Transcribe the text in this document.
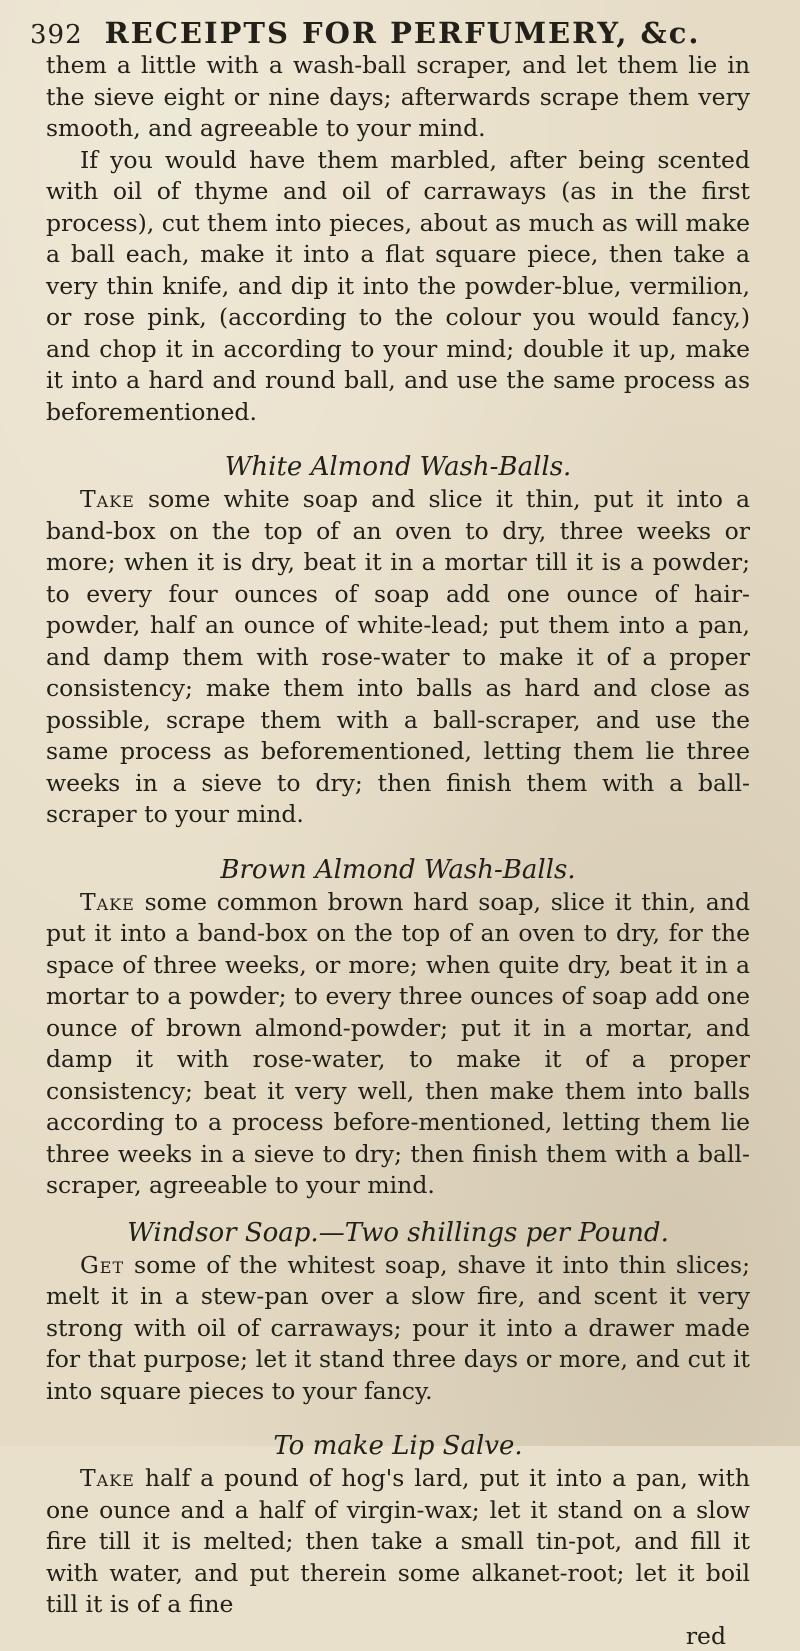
392 RECEIPTS FOR PERFUMERY, &c.

them a little with a wash-ball scraper, and let them lie in the sieve eight or nine days; afterwards scrape them very smooth, and agreeable to your mind.

If you would have them marbled, after being scented with oil of thyme and oil of carraways (as in the first process), cut them into pieces, about as much as will make a ball each, make it into a flat square piece, then take a very thin knife, and dip it into the powder-blue, vermilion, or rose pink, (according to the colour you would fancy,) and chop it in according to your mind; double it up, make it into a hard and round ball, and use the same process as beforementioned.

White Almond Wash-Balls.

Take some white soap and slice it thin, put it into a band-box on the top of an oven to dry, three weeks or more; when it is dry, beat it in a mortar till it is a powder; to every four ounces of soap add one ounce of hair-powder, half an ounce of white-lead; put them into a pan, and damp them with rose-water to make it of a proper consistency; make them into balls as hard and close as possible, scrape them with a ball-scraper, and use the same process as beforementioned, letting them lie three weeks in a sieve to dry; then finish them with a ball-scraper to your mind.

Brown Almond Wash-Balls.

Take some common brown hard soap, slice it thin, and put it into a band-box on the top of an oven to dry, for the space of three weeks, or more; when quite dry, beat it in a mortar to a powder; to every three ounces of soap add one ounce of brown almond-powder; put it in a mortar, and damp it with rose-water, to make it of a proper consistency; beat it very well, then make them into balls according to a process before-mentioned, letting them lie three weeks in a sieve to dry; then finish them with a ball-scraper, agreeable to your mind.

Windsor Soap.—Two shillings per Pound.

Get some of the whitest soap, shave it into thin slices; melt it in a stew-pan over a slow fire, and scent it very strong with oil of carraways; pour it into a drawer made for that purpose; let it stand three days or more, and cut it into square pieces to your fancy.

To make Lip Salve.

Take half a pound of hog's lard, put it into a pan, with one ounce and a half of virgin-wax; let it stand on a slow fire till it is melted; then take a small tin-pot, and fill it with water, and put therein some alkanet-root; let it boil till it is of a fine

red
